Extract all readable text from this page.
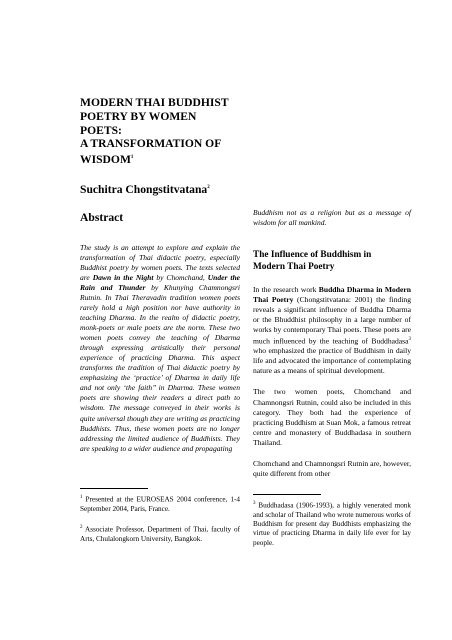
MODERN THAI BUDDHIST
POETRY BY WOMEN
POETS:
A TRANSFORMATION OF
WISDOM$^1$

Suchitra Chongstitvatana$^2$

Abstract

The study is an attempt to explore and explain the transformation of Thai didactic poetry, especially Buddhist poetry by women poets. The texts selected are Dawn in the Night by Chomchand, Under the Rain and Thunder by Khunying Chamnongsri Rutnin. In Thai Theravadin tradition women poets rarely hold a high position nor have authority in teaching Dharma. In the realm of didactic poetry, monk-poets or male poets are the norm. These two women poets convey the teaching of Dharma through expressing artistically their personal experience of practicing Dharma. This aspect transforms the tradition of Thai didactic poetry by emphasizing the ‘practice’ of Dharma in daily life and not only ‘the faith’’ in Dharma. These women poets are showing their readers a direct path to wisdom. The message conveyed in their works is quite universal though they are writing as practicing Buddhists. Thus, these women poets are no longer addressing the limited audience of Buddhists. They are speaking to a wider audience and propagating

$^1$ Presented at the EUROSEAS 2004 conference, 1-4 September 2004, Paris, France.

$^2$ Associate Professor, Department of Thai, faculty of Arts, Chulalongkorn University, Bangkok.

Buddhism not as a religion but as a message of wisdom for all mankind.

The Influence of Buddhism in
Modern Thai Poetry

In the research work Buddha Dharma in Modern Thai Poetry (Chongstitvatana: 2001) the finding reveals a significant influence of Buddha Dharma or the Bhuddhist philosophy in a large number of works by contemporary Thai poets. These poets are much influenced by the teaching of Buddhadasa$^3$ who emphasized the practice of Buddhism in daily life and advocated the importance of contemplating nature as a means of spiritual development.

The two women poets, Chomchand and Chamnongsri Rutnin, could also be included in this category. They both had the experience of practicing Buddhism at Suan Mok, a famous retreat centre and monastery of Buddhadasa in southern Thailand.

Chomchand and Chamnongsri Rutnin are, however, quite different from other

$^3$ Buddhadasa (1906-1993), a highly venerated monk and scholar of Thailand who wrote numerous works of Buddhism for present day Buddhists emphasizing the virtue of practicing Dharma in daily life ever for lay people.
